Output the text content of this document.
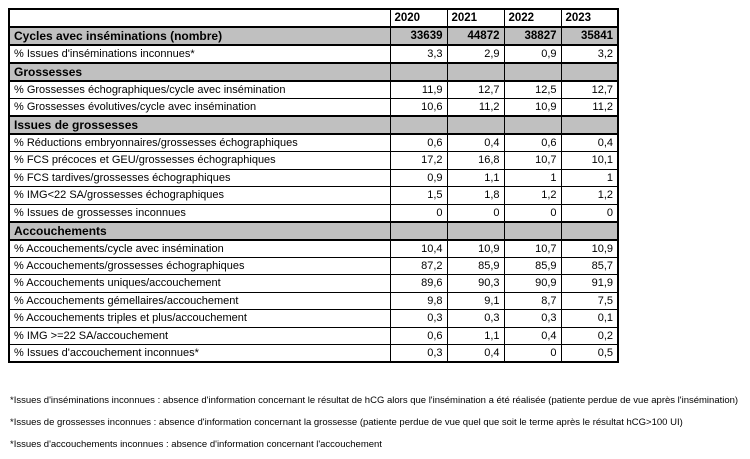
	2020	2021	2022	2023
Cycles avec inséminations (nombre)	33639	44872	38827	35841
% Issues d'inséminations inconnues*	3,3	2,9	0,9	3,2
Grossesses				
% Grossesses échographiques/cycle avec insémination	11,9	12,7	12,5	12,7
% Grossesses évolutives/cycle avec insémination	10,6	11,2	10,9	11,2
Issues de grossesses				
% Réductions embryonnaires/grossesses échographiques	0,6	0,4	0,6	0,4
% FCS précoces et GEU/grossesses échographiques	17,2	16,8	10,7	10,1
% FCS tardives/grossesses échographiques	0,9	1,1	1	1
% IMG<22 SA/grossesses échographiques	1,5	1,8	1,2	1,2
% Issues de grossesses inconnues	0	0	0	0
Accouchements				
% Accouchements/cycle avec insémination	10,4	10,9	10,7	10,9
% Accouchements/grossesses échographiques	87,2	85,9	85,9	85,7
% Accouchements uniques/accouchement	89,6	90,3	90,9	91,9
% Accouchements gémellaires/accouchement	9,8	9,1	8,7	7,5
% Accouchements triples et plus/accouchement	0,3	0,3	0,3	0,1
% IMG >=22 SA/accouchement	0,6	1,1	0,4	0,2
% Issues d'accouchement inconnues*	0,3	0,4	0	0,5
*Issues d'inséminations inconnues : absence d'information concernant le résultat de hCG alors que l'insémination a été réalisée (patiente perdue de vue après l'insémination)
*Issues de grossesses inconnues : absence d'information concernant la grossesse (patiente perdue de vue quel que soit le terme après le résultat hCG>100 UI)
*Issues d'accouchements inconnues : absence d'information concernant l'accouchement
